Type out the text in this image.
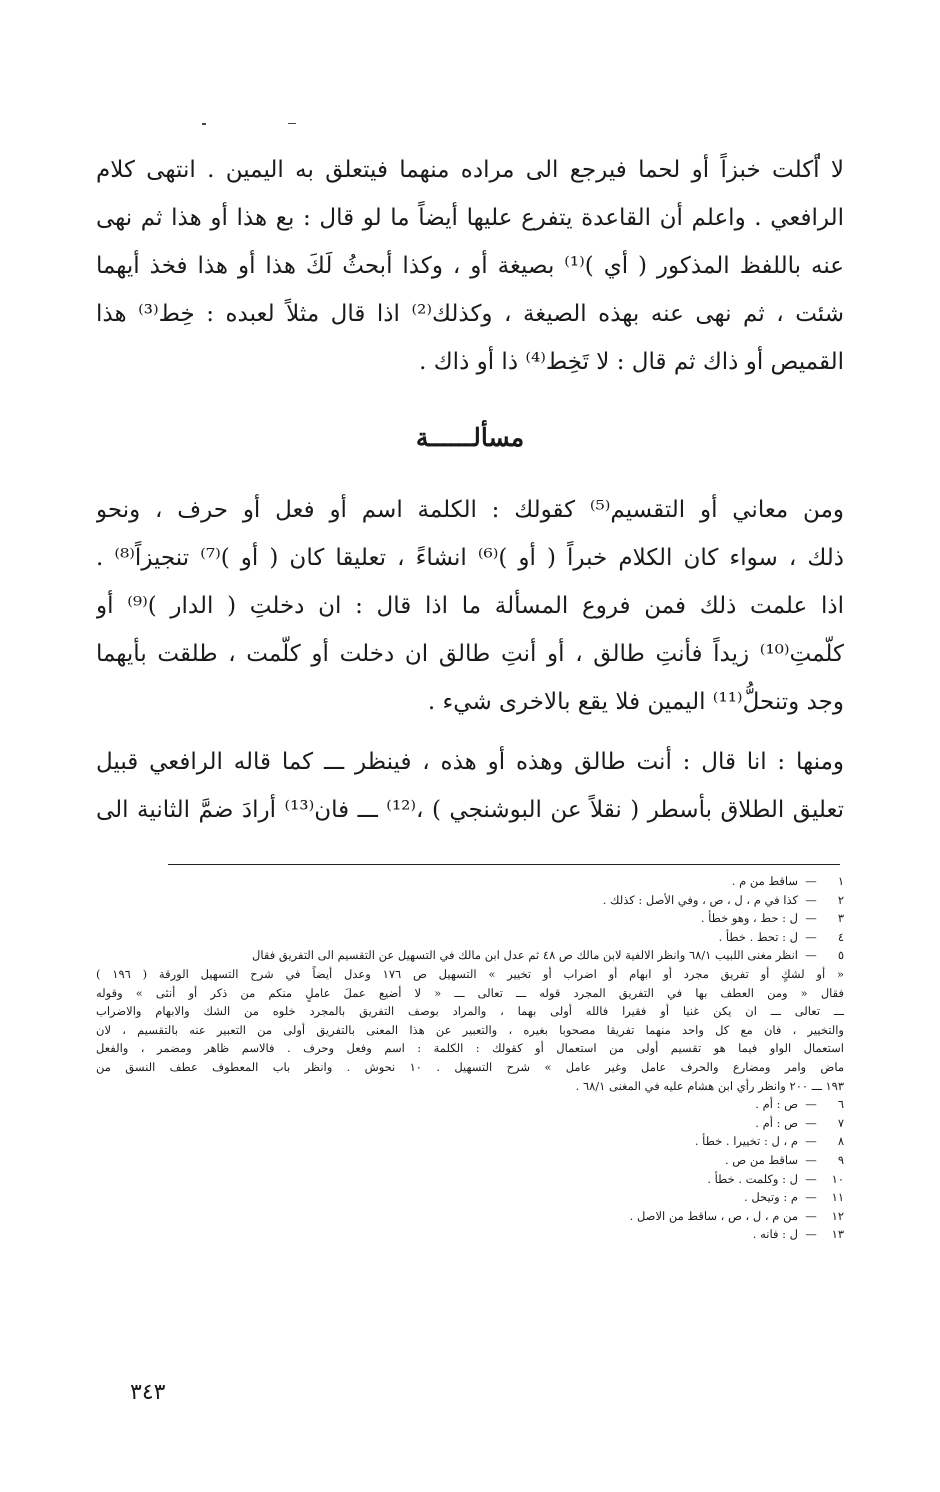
لا أكلت خبزاً أو لحما فيرجع الى مراده منهما فيتعلق به اليمين . انتهى كلام
الرافعي . واعلم أن القاعدة يتفرع عليها أيضاً ما لو قال : بع هذا أو هذا ثم نهى
عنه باللفظ المذكور ( أي )⁽¹⁾ بصيغة أو ، وكذا أبحثُ لَكَ هذا أو هذا فخذ أيهما
شئت ، ثم نهى عنه بهذه الصيغة ، وكذلك⁽²⁾ اذا قال مثلاً لعبده : خِط⁽³⁾ هذا
القميص أو ذاك ثم قال : لا تَخِط⁽⁴⁾ ذا أو ذاك .
مسألــــــة
ومن معاني أو التقسيم⁽⁵⁾ كقولك : الكلمة اسم أو فعل أو حرف ، ونحو
ذلك ، سواء كان الكلام خبراً ( أو )⁽⁶⁾ انشاءً ، تعليقا كان ( أو )⁽⁷⁾ تنجيزاً⁽⁸⁾ .
اذا علمت ذلك فمن فروع المسألة ما اذا قال : ان دخلتِ ( الدار )⁽⁹⁾ أو
كلّمتِ⁽¹⁰⁾ زيداً فأنتِ طالق ، أو أنتِ طالق ان دخلت أو كلّمت ، طلقت بأيهما
وجد وتنحلُّ⁽¹¹⁾ اليمين فلا يقع بالاخرى شيء .
ومنها : انا قال : أنت طالق وهذه أو هذه ، فينظر ـــ كما قاله الرافعي قبيل
تعليق الطلاق بأسطر ( نقلاً عن البوشنجي ) ،⁽¹²⁾ ـــ فان⁽¹³⁾ أرادَ ضمَّ الثانية الى
١—ساقط من م .
٢—كذا في م ، ل ، ص ، وفي الأصل : كذلك .
٣—ل : حط ، وهو خطأ .
٤—ل : تحط . خطأ .
٥—انظر مغنى اللبيب ٦٨/١ وانظر الالفية لابن مالك ص ٤٨ ثم عدل ابن مالك في التسهيل عن التقسيم الى التفريق فقال
« أو لشكٍ أو تفريق مجرد أو ابهام أو اضراب أو تخيير » التسهيل ص ١٧٦ وعدل أيضاً في شرح التسهيل الورقة ( ١٩٦ )
فقال « ومن العطف بها في التفريق المجرد قوله ـــ تعالى ـــ « لا أضيع عملَ عاملٍ منكم من ذكر أو أنثى » وقوله
ـــ تعالى ـــ ان يكن غنيا أو فقيرا فالله أولى بهما ، والمراد بوصف التفريق بالمجرد خلوه من الشك والابهام والاضراب
والتخيير ، فان مع كل واحد منهما تفريقا مصحوبا بغيره ، والتعبير عن هذا المعنى بالتفريق أولى من التعبير عنه بالتقسيم ، لان
استعمال الواو فيما هو تقسيم أولى من استعمال أو كقولك : الكلمة : اسم وفعل وحرف . فالاسم ظاهر ومضمر ، والفعل
ماض وامر ومضارع والحرف عامل وغير عامل » شرح التسهيل . ١٠ نحوش . وانظر باب المعطوف عطف النسق من
١٩٣ ـــ ٢٠٠ وانظر رأي ابن هشام عليه في المغنى ٦٨/١ .
٦—ص : أم .
٧—ص : أم .
٨—م ، ل : تخييرا . خطأ .
٩—ساقط من ص .
١٠—ل : وكلمت . خطأ .
١١—م : وتيحل .
١٢—من م ، ل ، ص ، ساقط من الاصل .
١٣—ل : فانه .
٣٤٣
